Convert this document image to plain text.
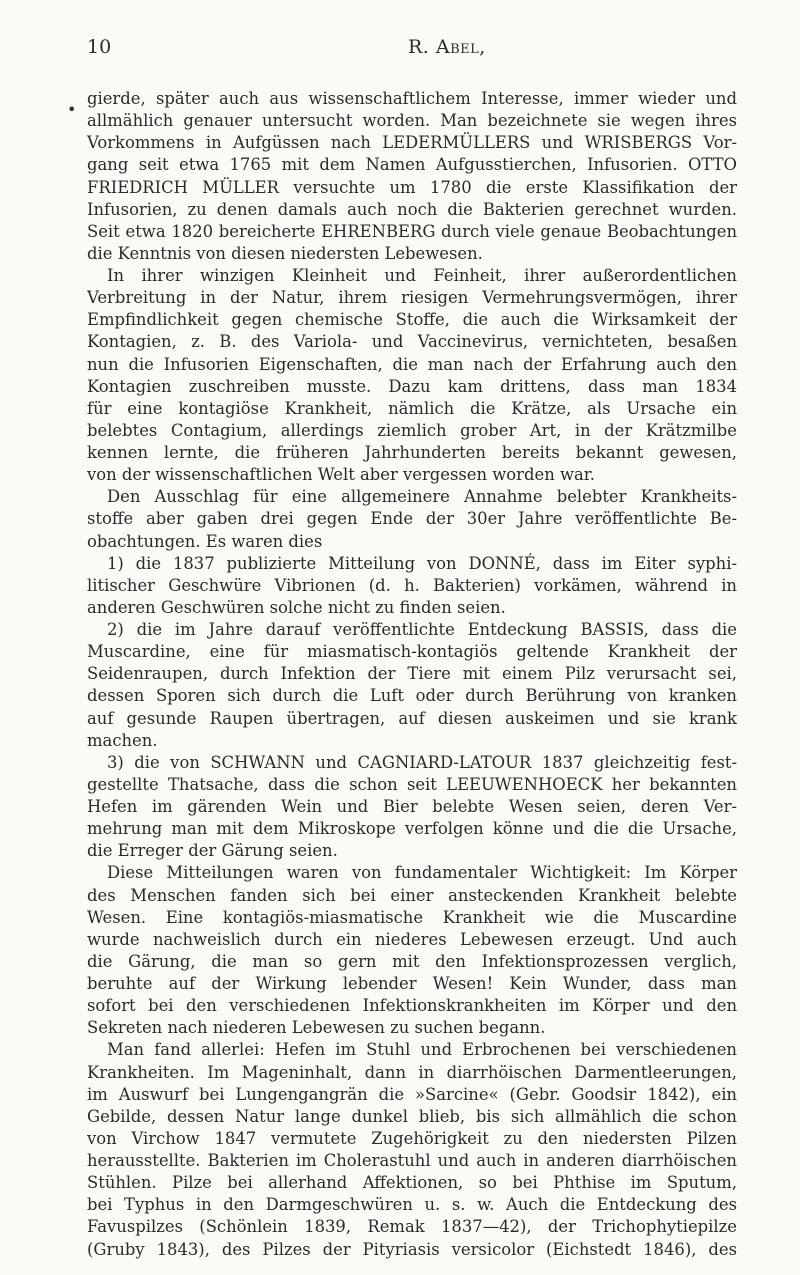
10	R. Abel,
•
gierde, später auch aus wissenschaftlichem Interesse, immer wieder und
allmählich genauer untersucht worden. Man bezeichnete sie wegen ihres
Vorkommens in Aufgüssen nach LEDERMÜLLERS und WRISBERGS Vor-
gang seit etwa 1765 mit dem Namen Aufgusstierchen, Infusorien. OTTO
FRIEDRICH MÜLLER versuchte um 1780 die erste Klassifikation der
Infusorien, zu denen damals auch noch die Bakterien gerechnet wurden.
Seit etwa 1820 bereicherte EHRENBERG durch viele genaue Beobachtungen
die Kenntnis von diesen niedersten Lebewesen.
In ihrer winzigen Kleinheit und Feinheit, ihrer außerordentlichen
Verbreitung in der Natur, ihrem riesigen Vermehrungsvermögen, ihrer
Empfindlichkeit gegen chemische Stoffe, die auch die Wirksamkeit der
Kontagien, z. B. des Variola- und Vaccinevirus, vernichteten, besaßen
nun die Infusorien Eigenschaften, die man nach der Erfahrung auch den
Kontagien zuschreiben musste. Dazu kam drittens, dass man 1834
für eine kontagiöse Krankheit, nämlich die Krätze, als Ursache ein
belebtes Contagium, allerdings ziemlich grober Art, in der Krätzmilbe
kennen lernte, die früheren Jahrhunderten bereits bekannt gewesen,
von der wissenschaftlichen Welt aber vergessen worden war.
Den Ausschlag für eine allgemeinere Annahme belebter Krankheits-
stoffe aber gaben drei gegen Ende der 30er Jahre veröffentlichte Be-
obachtungen. Es waren dies
1) die 1837 publizierte Mitteilung von DONNÉ, dass im Eiter syphi-
litischer Geschwüre Vibrionen (d. h. Bakterien) vorkämen, während in
anderen Geschwüren solche nicht zu finden seien.
2) die im Jahre darauf veröffentlichte Entdeckung BASSIS, dass die
Muscardine, eine für miasmatisch-kontagiös geltende Krankheit der
Seidenraupen, durch Infektion der Tiere mit einem Pilz verursacht sei,
dessen Sporen sich durch die Luft oder durch Berührung von kranken
auf gesunde Raupen übertragen, auf diesen auskeimen und sie krank
machen.
3) die von SCHWANN und CAGNIARD-LATOUR 1837 gleichzeitig fest-
gestellte Thatsache, dass die schon seit LEEUWENHOECK her bekannten
Hefen im gärenden Wein und Bier belebte Wesen seien, deren Ver-
mehrung man mit dem Mikroskope verfolgen könne und die die Ursache,
die Erreger der Gärung seien.
Diese Mitteilungen waren von fundamentaler Wichtigkeit: Im Körper
des Menschen fanden sich bei einer ansteckenden Krankheit belebte
Wesen. Eine kontagiös-miasmatische Krankheit wie die Muscardine
wurde nachweislich durch ein niederes Lebewesen erzeugt. Und auch
die Gärung, die man so gern mit den Infektionsprozessen verglich,
beruhte auf der Wirkung lebender Wesen! Kein Wunder, dass man
sofort bei den verschiedenen Infektionskrankheiten im Körper und den
Sekreten nach niederen Lebewesen zu suchen begann.
Man fand allerlei: Hefen im Stuhl und Erbrochenen bei verschiedenen
Krankheiten. Im Mageninhalt, dann in diarrhöischen Darmentleerungen,
im Auswurf bei Lungengangrän die »Sarcine« (Gebr. Goodsir 1842), ein
Gebilde, dessen Natur lange dunkel blieb, bis sich allmählich die schon
von Virchow 1847 vermutete Zugehörigkeit zu den niedersten Pilzen
herausstellte. Bakterien im Cholerastuhl und auch in anderen diarrhöischen
Stühlen. Pilze bei allerhand Affektionen, so bei Phthise im Sputum,
bei Typhus in den Darmgeschwüren u. s. w. Auch die Entdeckung des
Favuspilzes (Schönlein 1839, Remak 1837—42), der Trichophytiepilze
(Gruby 1843), des Pilzes der Pityriasis versicolor (Eichstedt 1846), des
